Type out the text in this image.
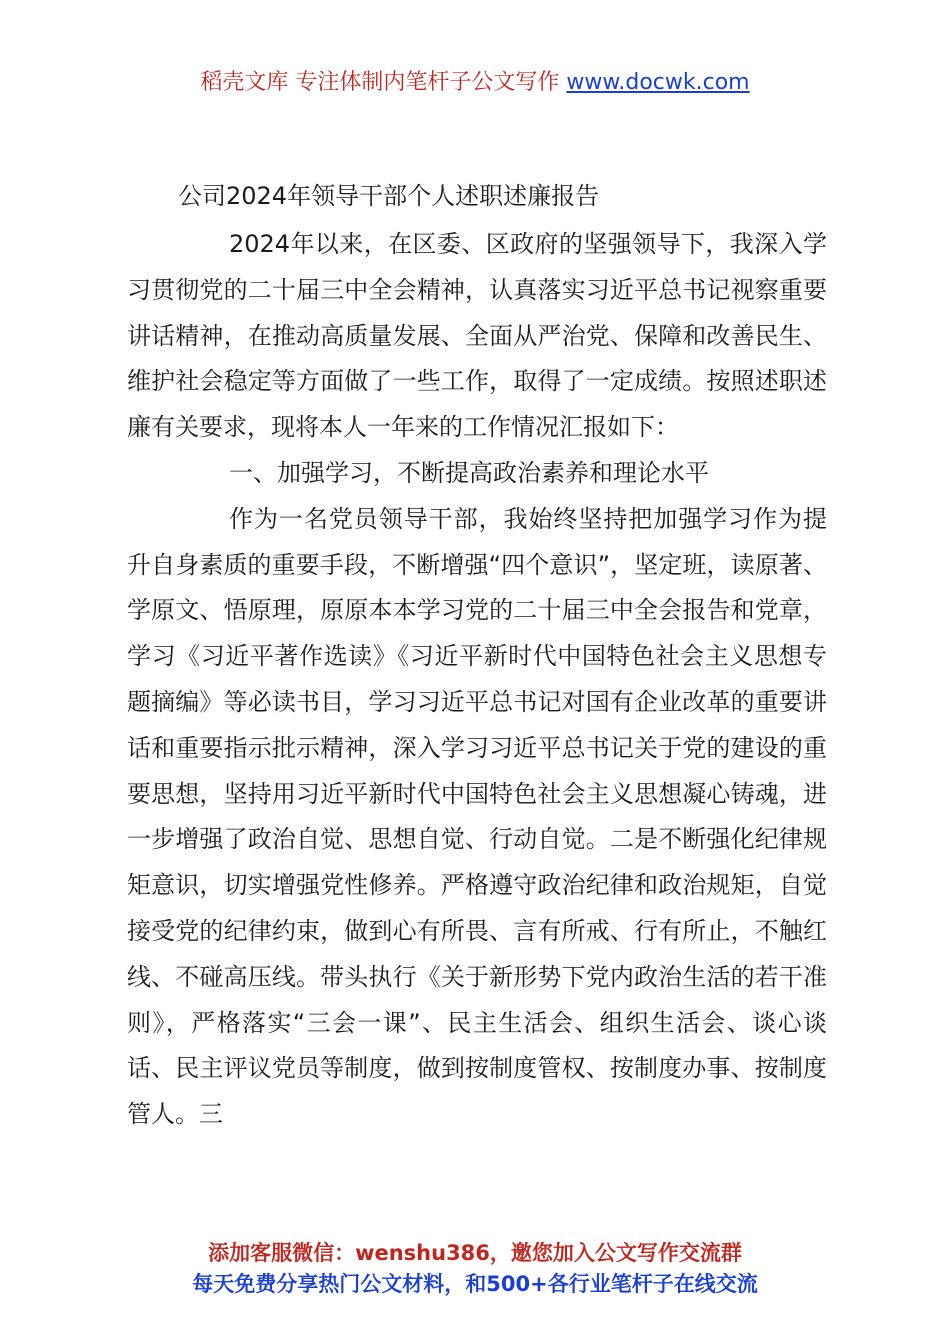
稻壳文库 专注体制内笔杆子公文写作 www.docwk.com
公司2024年领导干部个人述职述廉报告

2024年以来，在区委、区政府的坚强领导下，我深入学习贯彻党的二十届三中全会精神，认真落实习近平总书记视察重要讲话精神，在推动高质量发展、全面从严治党、保障和改善民生、维护社会稳定等方面做了一些工作，取得了一定成绩。按照述职述廉有关要求，现将本人一年来的工作情况汇报如下：

一、加强学习，不断提高政治素养和理论水平

作为一名党员领导干部，我始终坚持把加强学习作为提升自身素质的重要手段，不断增强“四个意识”，坚定班，读原著、学原文、悟原理，原原本本学习党的二十届三中全会报告和党章，学习《习近平著作选读》《习近平新时代中国特色社会主义思想专题摘编》等必读书目，学习习近平总书记对国有企业改革的重要讲话和重要指示批示精神，深入学习习近平总书记关于党的建设的重要思想，坚持用习近平新时代中国特色社会主义思想凝心铸魂，进一步增强了政治自觉、思想自觉、行动自觉。二是不断强化纪律规矩意识，切实增强党性修养。严格遵守政治纪律和政治规矩，自觉接受党的纪律约束，做到心有所畏、言有所戒、行有所止，不触红线、不碰高压线。带头执行《关于新形势下党内政治生活的若干准则》，严格落实“三会一课”、民主生活会、组织生活会、谈心谈话、民主评议党员等制度，做到按制度管权、按制度办事、按制度管人。三

添加客服微信：wenshu386，邀您加入公文写作交流群
每天免费分享热门公文材料，和500+各行业笔杆子在线交流
